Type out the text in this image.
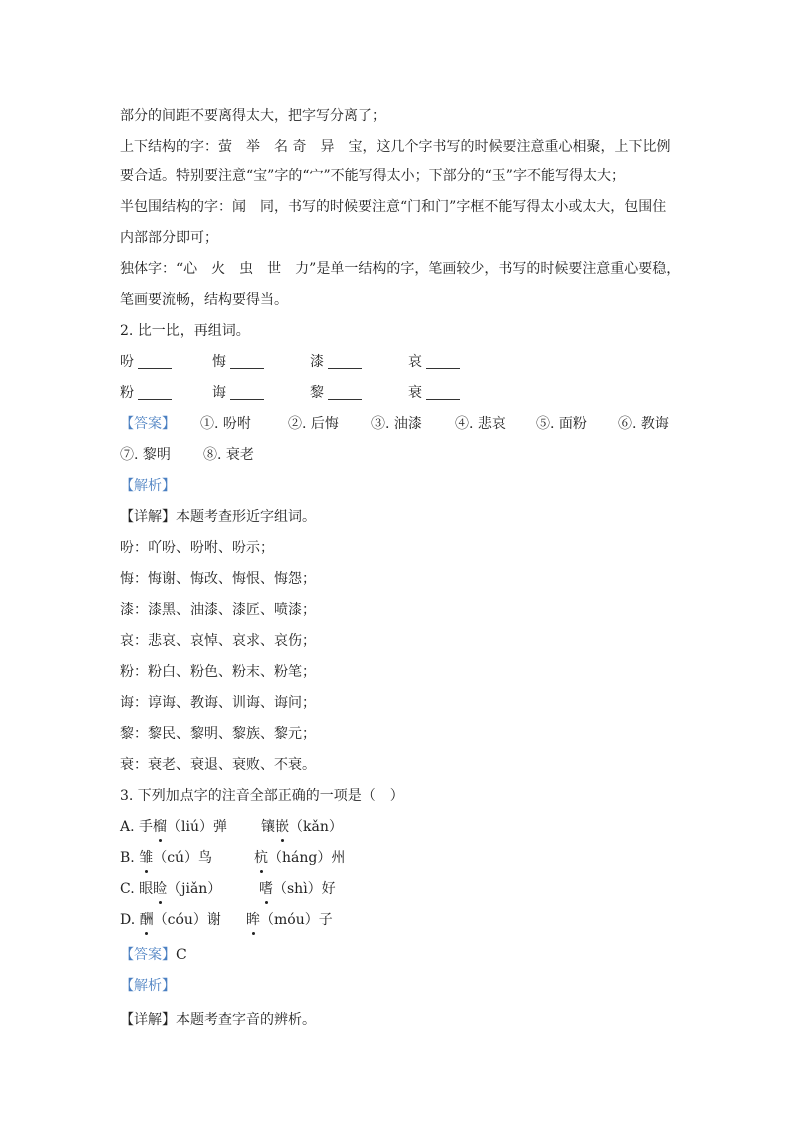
部分的间距不要离得太大，把字写分离了；
上下结构的字：萤　举　名 奇　异　宝，这几个字书写的时候要注意重心相聚，上下比例
要合适。特别要注意“宝”字的“宀”不能写得太小；下部分的“玉”字不能写得太大；
半包围结构的字：闻　同，书写的时候要注意“门和门”字框不能写得太小或太大，包围住
内部部分即可；
独体字：“心　火　虫　世　力”是单一结构的字，笔画较少，书写的时候要注意重心要稳，
笔画要流畅，结构要得当。
2. 比一比，再组词。
吩	悔	漆	哀
粉	诲	黎	衰
【答案】 ①. 吩咐	②. 后悔 ③. 油漆 ④. 悲哀 ⑤. 面粉 ⑥. 教诲
⑦. 黎明 ⑧. 衰老
【解析】
【详解】本题考查形近字组词。
吩：吖吩、吩咐、吩示；
悔：悔谢、悔改、悔恨、悔怨；
漆：漆黑、油漆、漆匠、喷漆；
哀：悲哀、哀悼、哀求、哀伤；
粉：粉白、粉色、粉末、粉笔；
诲：谆诲、教诲、训诲、诲问；
黎：黎民、黎明、黎族、黎元；
衰：衰老、衰退、衰败、不衰。
3. 下列加点字的注音全部正确的一项是（　）
A. 手榴（liú）弹 镶嵌（kǎn）
B. 雏（cú）鸟	杭（háng）州
C. 眼睑（jiǎn）	嗜（shì）好
D. 酬（cóu）谢 眸（móu）子
【答案】C
【解析】
【详解】本题考查字音的辨析。
